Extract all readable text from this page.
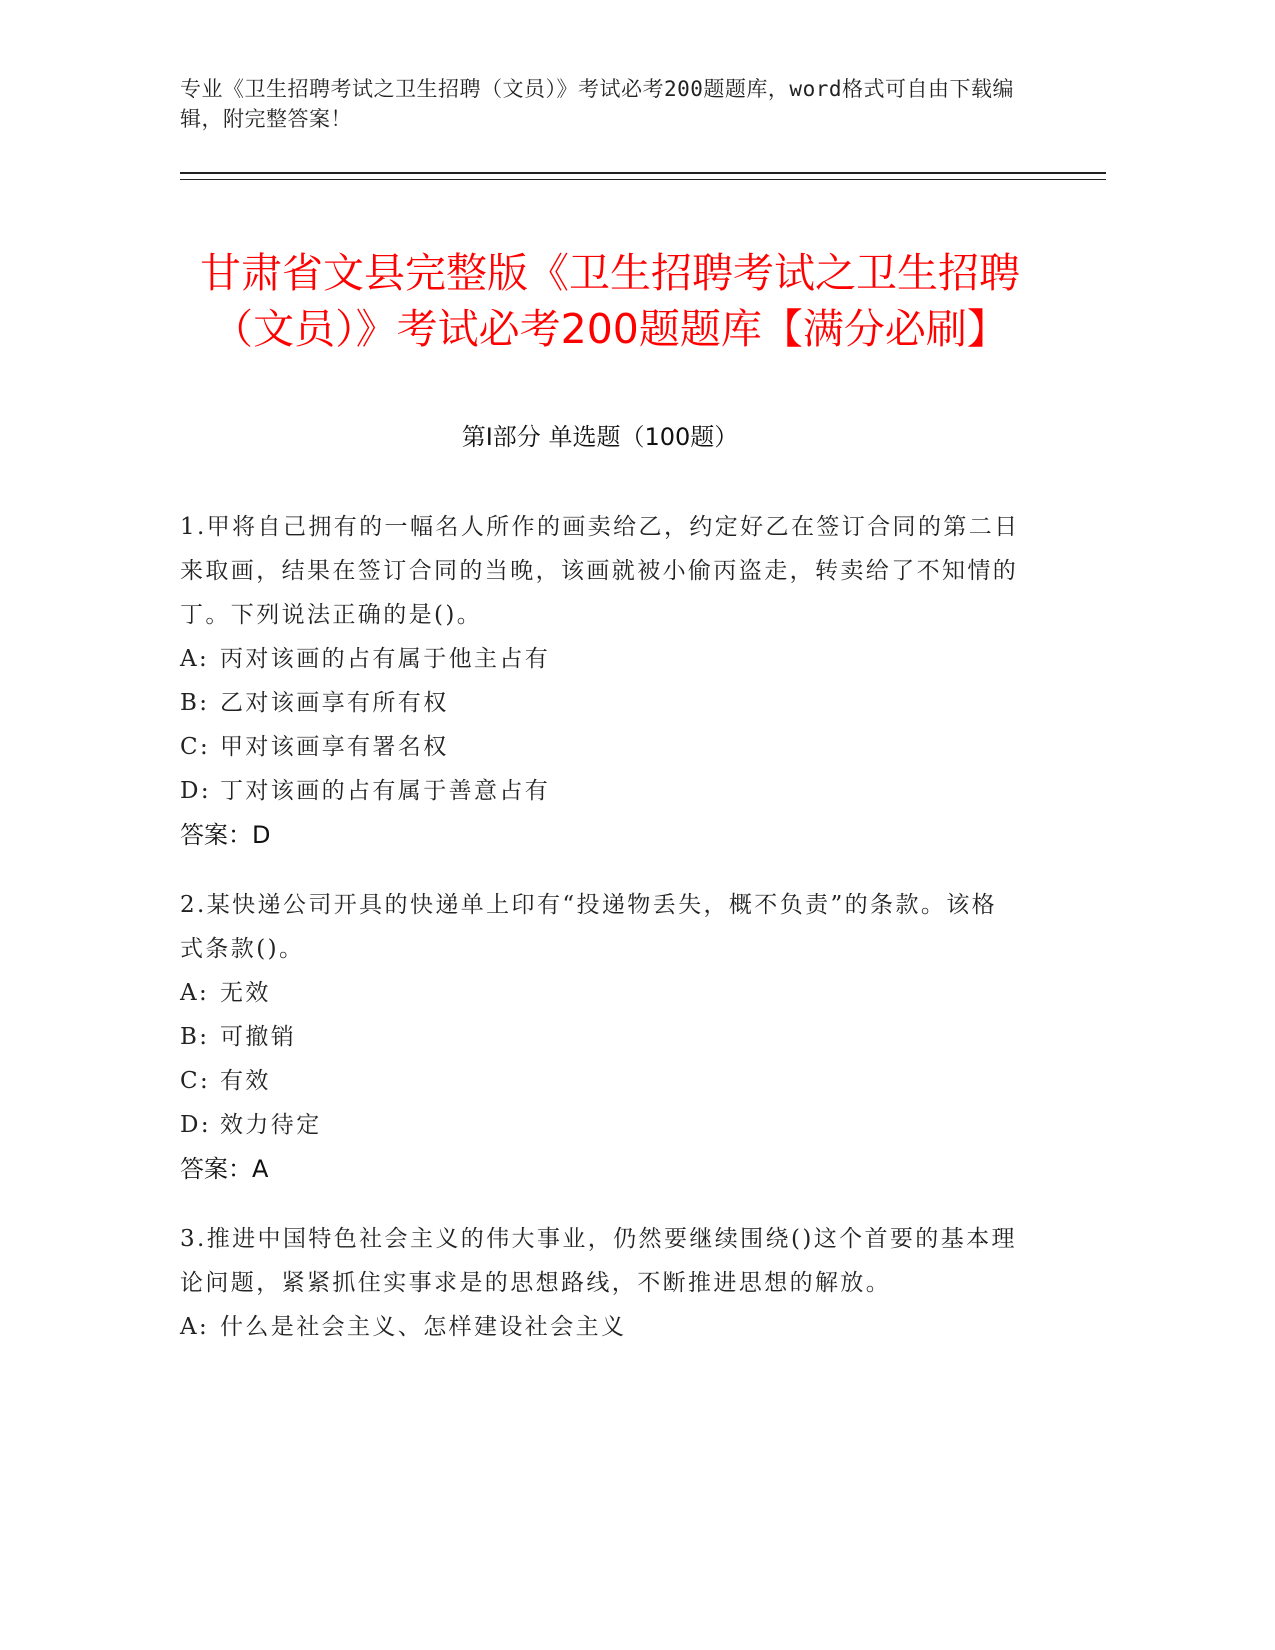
专业《卫生招聘考试之卫生招聘（文员）》考试必考200题题库，word格式可自由下载编辑，附完整答案！
甘肃省文县完整版《卫生招聘考试之卫生招聘（文员）》考试必考200题题库【满分必刷】
第Ⅰ部分 单选题（100题）

1.甲将自己拥有的一幅名人所作的画卖给乙，约定好乙在签订合同的第二日来取画，结果在签订合同的当晚，该画就被小偷丙盗走，转卖给了不知情的丁。下列说法正确的是()。

A: 丙对该画的占有属于他主占有

B: 乙对该画享有所有权

C: 甲对该画享有署名权

D: 丁对该画的占有属于善意占有

答案：D

2.某快递公司开具的快递单上印有“投递物丢失，概不负责”的条款。该格式条款()。

A: 无效

B: 可撤销

C: 有效

D: 效力待定

答案：A

3.推进中国特色社会主义的伟大事业，仍然要继续围绕()这个首要的基本理论问题，紧紧抓住实事求是的思想路线，不断推进思想的解放。

A: 什么是社会主义、怎样建设社会主义
